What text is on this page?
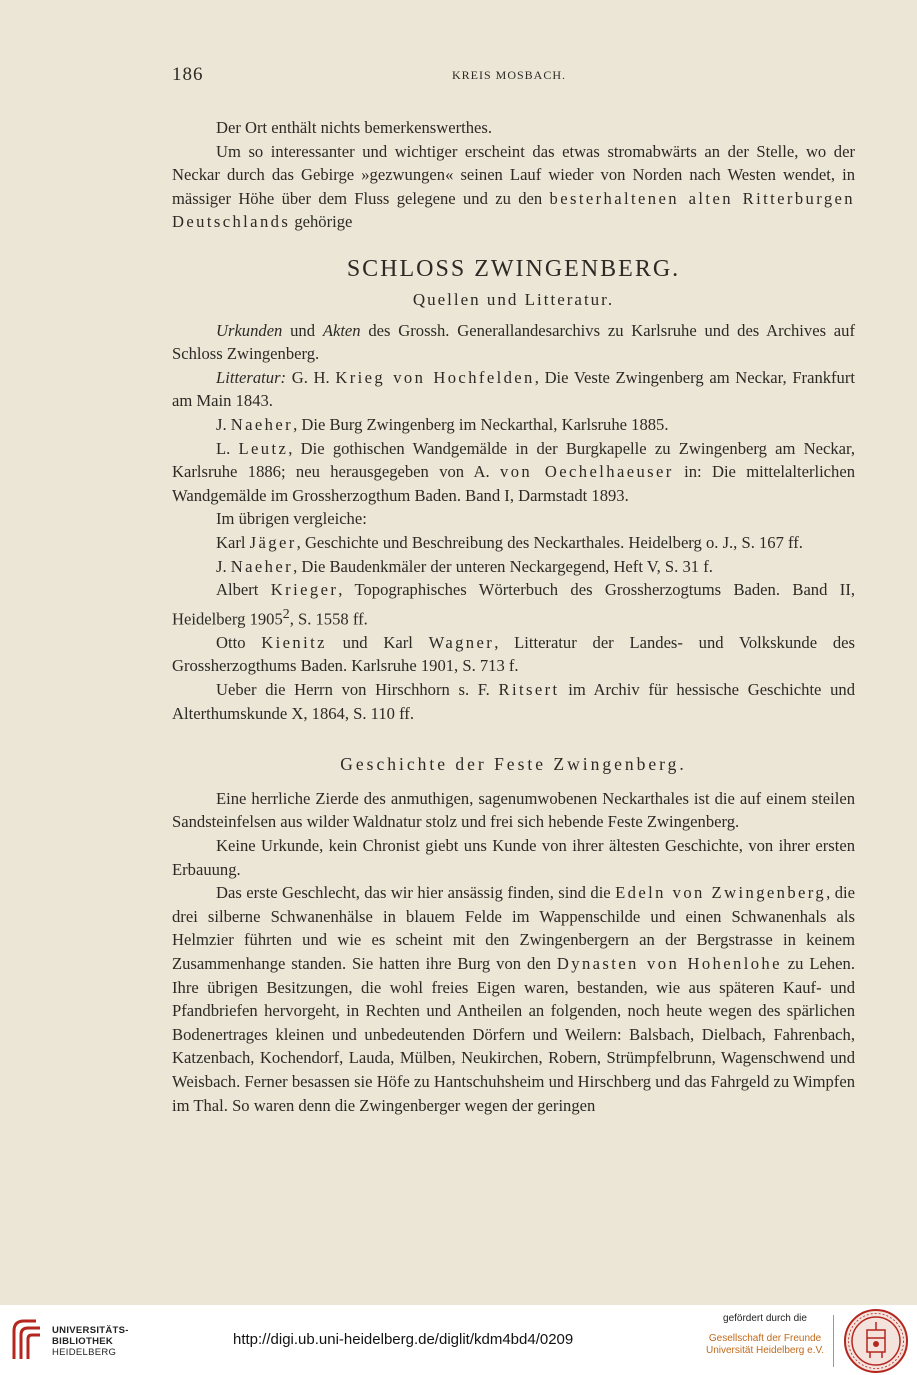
186	KREIS MOSBACH.

Der Ort enthält nichts bemerkenswerthes.

Um so interessanter und wichtiger erscheint das etwas stromabwärts an der Stelle, wo der Neckar durch das Gebirge »gezwungen« seinen Lauf wieder von Norden nach Westen wendet, in mässiger Höhe über dem Fluss gelegene und zu den besterhaltenen alten Ritterburgen Deutschlands gehörige

SCHLOSS ZWINGENBERG.

Quellen und Litteratur.

Urkunden und Akten des Grossh. Generallandesarchivs zu Karlsruhe und des Archives auf Schloss Zwingenberg.

Litteratur: G. H. Krieg von Hochfelden, Die Veste Zwingenberg am Neckar, Frankfurt am Main 1843.

J. Naeher, Die Burg Zwingenberg im Neckarthal, Karlsruhe 1885.

L. Leutz, Die gothischen Wandgemälde in der Burgkapelle zu Zwingenberg am Neckar, Karlsruhe 1886; neu herausgegeben von A. von Oechelhaeuser in: Die mittelalterlichen Wandgemälde im Grossherzogthum Baden. Band I, Darmstadt 1893.

Im übrigen vergleiche:

Karl Jäger, Geschichte und Beschreibung des Neckarthales. Heidelberg o. J., S. 167 ff.

J. Naeher, Die Baudenkmäler der unteren Neckargegend, Heft V, S. 31 f.

Albert Krieger, Topographisches Wörterbuch des Grossherzogtums Baden. Band II, Heidelberg 1905$^2$, S. 1558 ff.

Otto Kienitz und Karl Wagner, Litteratur der Landes- und Volkskunde des Grossherzogthums Baden. Karlsruhe 1901, S. 713 f.

Ueber die Herrn von Hirschhorn s. F. Ritsert im Archiv für hessische Geschichte und Alterthumskunde X, 1864, S. 110 ff.

Geschichte der Feste Zwingenberg.

Eine herrliche Zierde des anmuthigen, sagenumwobenen Neckarthales ist die auf einem steilen Sandsteinfelsen aus wilder Waldnatur stolz und frei sich hebende Feste Zwingenberg.

Keine Urkunde, kein Chronist giebt uns Kunde von ihrer ältesten Geschichte, von ihrer ersten Erbauung.

Das erste Geschlecht, das wir hier ansässig finden, sind die Edeln von Zwingenberg, die drei silberne Schwanenhälse in blauem Felde im Wappenschilde und einen Schwanenhals als Helmzier führten und wie es scheint mit den Zwingenbergern an der Bergstrasse in keinem Zusammenhange standen. Sie hatten ihre Burg von den Dynasten von Hohenlohe zu Lehen. Ihre übrigen Besitzungen, die wohl freies Eigen waren, bestanden, wie aus späteren Kauf- und Pfandbriefen hervorgeht, in Rechten und Antheilen an folgenden, noch heute wegen des spärlichen Bodenertrages kleinen und unbedeutenden Dörfern und Weilern: Balsbach, Dielbach, Fahrenbach, Katzenbach, Kochendorf, Lauda, Mülben, Neukirchen, Robern, Strümpfelbrunn, Wagenschwend und Weisbach. Ferner besassen sie Höfe zu Hantschuhsheim und Hirschberg und das Fahrgeld zu Wimpfen im Thal. So waren denn die Zwingenberger wegen der geringen

UNIVERSITÄTS-
BIBLIOTHEK
HEIDELBERG
http://digi.ub.uni-heidelberg.de/diglit/kdm4bd4/0209
gefördert durch die
Gesellschaft der Freunde
Universität Heidelberg e.V.
